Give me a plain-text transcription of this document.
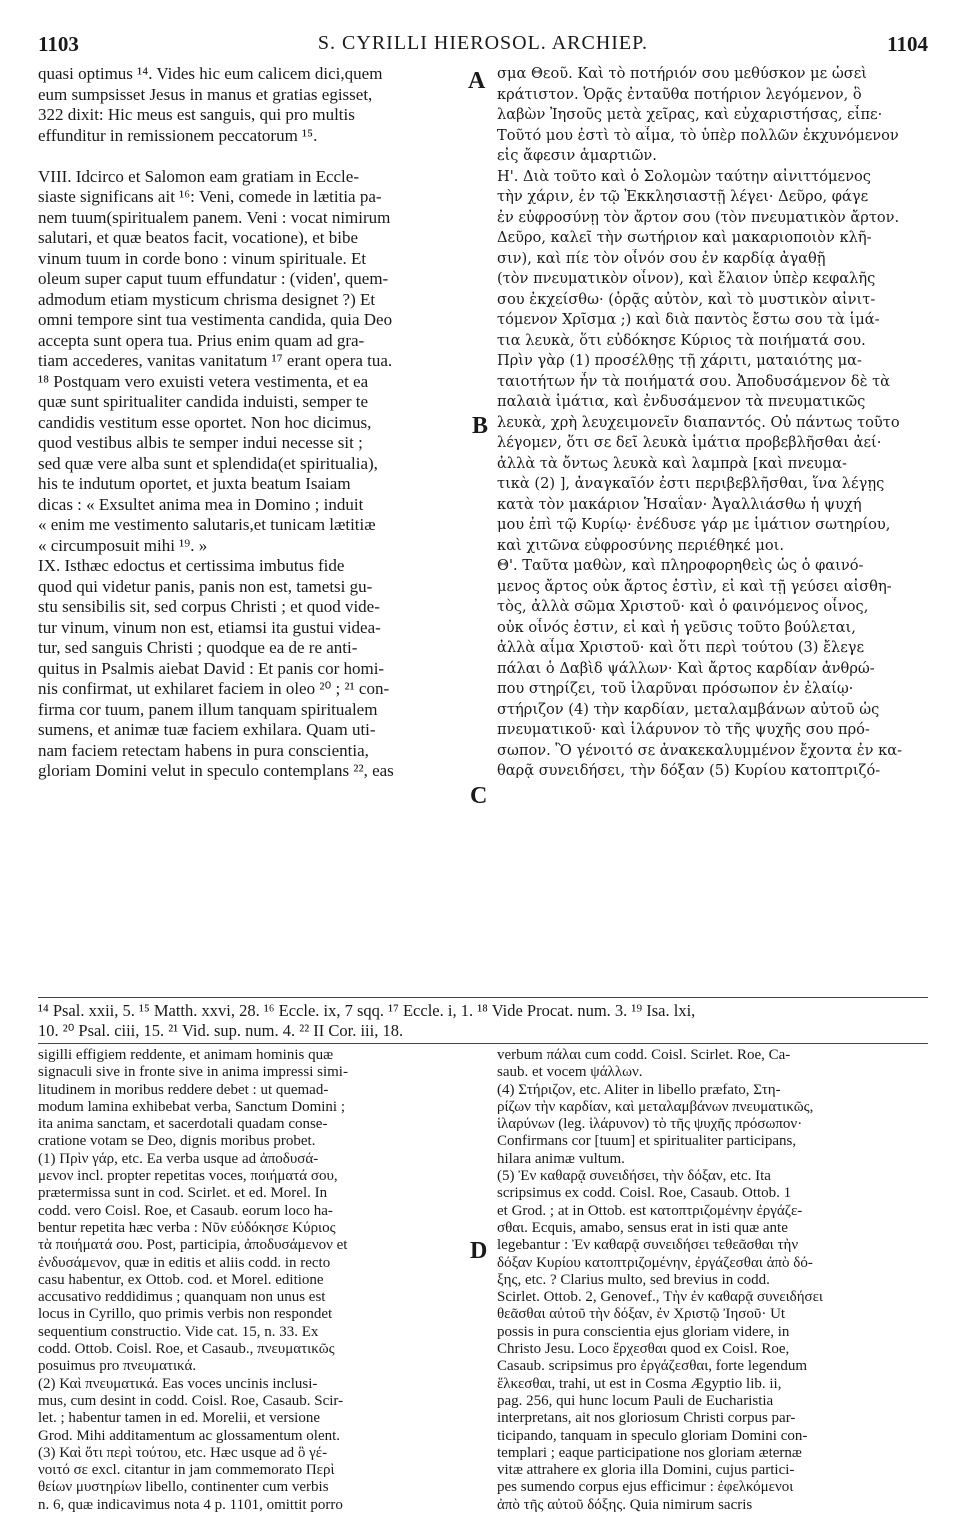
1103	S. CYRILLI HIEROSOL. ARCHIEP.	1104
quasi optimus ¹⁴. Vides hic eum calicem dici,quem
eum sumpsisset Jesus in manus et gratias egisset,
322 dixit: Hic meus est sanguis, qui pro multis
effunditur in remissionem peccatorum ¹⁵.
VIII. Idcirco et Salomon eam gratiam in Eccle-
siaste significans ait ¹⁶: Veni, comede in lætitia pa-
nem tuum(spiritualem panem. Veni : vocat nimirum
salutari, et quæ beatos facit, vocatione), et bibe
vinum tuum in corde bono : vinum spirituale. Et
oleum super caput tuum effundatur : (viden', quem-
admodum etiam mysticum chrisma designet ?) Et
omni tempore sint tua vestimenta candida, quia Deo
accepta sunt opera tua. Prius enim quam ad gra-
tiam accederes, vanitas vanitatum ¹⁷ erant opera tua.
¹⁸ Postquam vero exuisti vetera vestimenta, et ea
quæ sunt spiritualiter candida induisti, semper te
candidis vestitum esse oportet. Non hoc dicimus,
quod vestibus albis te semper indui necesse sit ;
sed quæ vere alba sunt et splendida(et spiritualia),
his te indutum oportet, et juxta beatum Isaiam
dicas : « Exsultet anima mea in Domino ; induit
« enim me vestimento salutaris,et tunicam lætitiæ
« circumposuit mihi ¹⁹. »
IX. Isthæc edoctus et certissima imbutus fide
quod qui videtur panis, panis non est, tametsi gu-
stu sensibilis sit, sed corpus Christi ; et quod vide-
tur vinum, vinum non est, etiamsi ita gustui videa-
tur, sed sanguis Christi ; quodque ea de re anti-
quitus in Psalmis aiebat David : Et panis cor homi-
nis confirmat, ut exhilaret faciem in oleo ²⁰ ; ²¹ con-
firma cor tuum, panem illum tanquam spiritualem
sumens, et animæ tuæ faciem exhilara. Quam uti-
nam faciem retectam habens in pura conscientia,
gloriam Domini velut in speculo contemplans ²², eas
σμα Θεοῦ. Καὶ τὸ ποτήριόν σου μεθύσκον με ὡσεὶ
κράτιστον. Ὁρᾷς ἐνταῦθα ποτήριον λεγόμενον, ὃ
λαβὼν Ἰησοῦς μετὰ χεῖρας, καὶ εὐχαριστήσας, εἶπε·
Τοῦτό μου ἐστὶ τὸ αἷμα, τὸ ὑπὲρ πολλῶν ἐκχυνόμενον
εἰς ἄφεσιν ἁμαρτιῶν.
Η'. Διὰ τοῦτο καὶ ὁ Σολομὼν ταύτην αἰνιττόμενος
τὴν χάριν, ἐν τῷ Ἐκκλησιαστῇ λέγει· Δεῦρο, φάγε
ἐν εὐφροσύνῃ τὸν ἄρτον σου (τὸν πνευματικὸν ἄρτον.
Δεῦρο, καλεῖ τὴν σωτήριον καὶ μακαριοποιὸν κλῆ-
σιν), καὶ πίε τὸν οἶνόν σου ἐν καρδίᾳ ἀγαθῇ
(τὸν πνευματικὸν οἶνον), καὶ ἔλαιον ὑπὲρ κεφαλῆς
σου ἐκχείσθω· (ὁρᾷς αὐτὸν, καὶ τὸ μυστικὸν αἰνιτ-
τόμενον Χρῖσμα ;) καὶ διὰ παντὸς ἔστω σου τὰ ἱμά-
τια λευκὰ, ὅτι εὐδόκησε Κύριος τὰ ποιήματά σου.
Πρὶν γὰρ (1) προσέλθῃς τῇ χάριτι, ματαιότης μα-
ταιοτήτων ἦν τὰ ποιήματά σου. Ἀποδυσάμενον δὲ τὰ
παλαιὰ ἱμάτια, καὶ ἐνδυσάμενον τὰ πνευματικῶς
λευκὰ, χρὴ λευχειμονεῖν διαπαντός. Οὐ πάντως τοῦτο
λέγομεν, ὅτι σε δεῖ λευκὰ ἱμάτια προβεβλῆσθαι ἀεί·
ἀλλὰ τὰ ὄντως λευκὰ καὶ λαμπρὰ [καὶ πνευμα-
τικὰ (2) ], ἀναγκαῖόν ἐστι περιβεβλῆσθαι, ἵνα λέγῃς
κατὰ τὸν μακάριον Ἡσαΐαν· Ἀγαλλιάσθω ἡ ψυχή
μου ἐπὶ τῷ Κυρίῳ· ἐνέδυσε γάρ με ἱμάτιον σωτηρίου,
καὶ χιτῶνα εὐφροσύνης περιέθηκέ μοι.
Θ'. Ταῦτα μαθὼν, καὶ πληροφορηθεὶς ὡς ὁ φαινό-
μενος ἄρτος οὐκ ἄρτος ἐστὶν, εἰ καὶ τῇ γεύσει αἰσθη-
τὸς, ἀλλὰ σῶμα Χριστοῦ· καὶ ὁ φαινόμενος οἶνος,
οὐκ οἶνός ἐστιν, εἰ καὶ ἡ γεῦσις τοῦτο βούλεται,
ἀλλὰ αἷμα Χριστοῦ· καὶ ὅτι περὶ τούτου (3) ἔλεγε
πάλαι ὁ Δαβὶδ ψάλλων· Καὶ ἄρτος καρδίαν ἀνθρώ-
που στηρίζει, τοῦ ἱλαρῦναι πρόσωπον ἐν ἐλαίῳ·
στήριζον (4) τὴν καρδίαν, μεταλαμβάνων αὐτοῦ ὡς
πνευματικοῦ· καὶ ἱλάρυνον τὸ τῆς ψυχῆς σου πρό-
σωπον. Ὃ γένοιτό σε ἀνακεκαλυμμένον ἔχοντα ἐν κα-
θαρᾷ συνειδήσει, τὴν δόξαν (5) Κυρίου κατοπτριζό-
A
B
C
D
¹⁴ Psal. xxii, 5. ¹⁵ Matth. xxvi, 28. ¹⁶ Eccle. ix, 7 sqq. ¹⁷ Eccle. i, 1. ¹⁸ Vide Procat. num. 3. ¹⁹ Isa. lxi,
10. ²⁰ Psal. ciii, 15. ²¹ Vid. sup. num. 4. ²² II Cor. iii, 18.
sigilli effigiem reddente, et animam hominis quæ
signaculi sive in fronte sive in anima impressi simi-
litudinem in moribus reddere debet : ut quemad-
modum lamina exhibebat verba, Sanctum Domini ;
ita anima sanctam, et sacerdotali quadam conse-
cratione votam se Deo, dignis moribus probet.
(1) Πρὶν γάρ, etc. Ea verba usque ad ἀποδυσά-
μενον incl. propter repetitas voces, ποιήματά σου,
prætermissa sunt in cod. Scirlet. et ed. Morel. In
codd. vero Coisl. Roe, et Casaub. eorum loco ha-
bentur repetita hæc verba : Νῦν εὐδόκησε Κύριος
τὰ ποιήματά σου. Post, participia, ἀποδυσάμενον et
ἐνδυσάμενον, quæ in editis et aliis codd. in recto
casu habentur, ex Ottob. cod. et Morel. editione
accusativo reddidimus ; quanquam non unus est
locus in Cyrillo, quo primis verbis non respondet
sequentium constructio. Vide cat. 15, n. 33. Ex
codd. Ottob. Coisl. Roe, et Casaub., πνευματικῶς
posuimus pro πνευματικά.
(2) Καὶ πνευματικά. Eas voces uncinis inclusi-
mus, cum desint in codd. Coisl. Roe, Casaub. Scir-
let. ; habentur tamen in ed. Morelii, et versione
Grod. Mihi additamentum ac glossamentum olent.
(3) Καὶ ὅτι περὶ τούτου, etc. Hæc usque ad ὃ γέ-
νοιτό σε excl. citantur in jam commemorato Περὶ
θείων μυστηρίων libello, continenter cum verbis
n. 6, quæ indicavimus nota 4 p. 1101, omittit porro
verbum πάλαι cum codd. Coisl. Scirlet. Roe, Ca-
saub. et vocem ψάλλων.
(4) Στήριζον, etc. Aliter in libello præfato, Στη-
ρίζων τὴν καρδίαν, καὶ μεταλαμβάνων πνευματικῶς,
ἱλαρύνων (leg. ἱλάρυνον) τὸ τῆς ψυχῆς πρόσωπον·
Confirmans cor [tuum] et spiritualiter participans,
hilara animæ vultum.
(5) Ἐν καθαρᾷ συνειδήσει, τὴν δόξαν, etc. Ita
scripsimus ex codd. Coisl. Roe, Casaub. Ottob. 1
et Grod. ; at in Ottob. est κατοπτριζομένην ἐργάζε-
σθαι. Ecquis, amabo, sensus erat in isti quæ ante
legebantur : Ἐν καθαρᾷ συνειδήσει τεθεᾶσθαι τὴν
δόξαν Κυρίου κατοπτριζομένην, ἐργάζεσθαι ἀπὸ δό-
ξης, etc. ? Clarius multo, sed brevius in codd.
Scirlet. Ottob. 2, Genovef., Τὴν ἐν καθαρᾷ συνειδήσει
θεᾶσθαι αὐτοῦ τὴν δόξαν, ἐν Χριστῷ Ἰησοῦ· Ut
possis in pura conscientia ejus gloriam videre, in
Christo Jesu. Loco ἔρχεσθαι quod ex Coisl. Roe,
Casaub. scripsimus pro ἐργάζεσθαι, forte legendum
ἕλκεσθαι, trahi, ut est in Cosma Ægyptio lib. ii,
pag. 256, qui hunc locum Pauli de Eucharistia
interpretans, ait nos gloriosum Christi corpus par-
ticipando, tanquam in speculo gloriam Domini con-
templari ; eaque participatione nos gloriam æternæ
vitæ attrahere ex gloria illa Domini, cujus partici-
pes sumendo corpus ejus efficimur : ἐφελκόμενοι
ἀπὸ τῆς αὐτοῦ δόξης. Quia nimirum sacris
